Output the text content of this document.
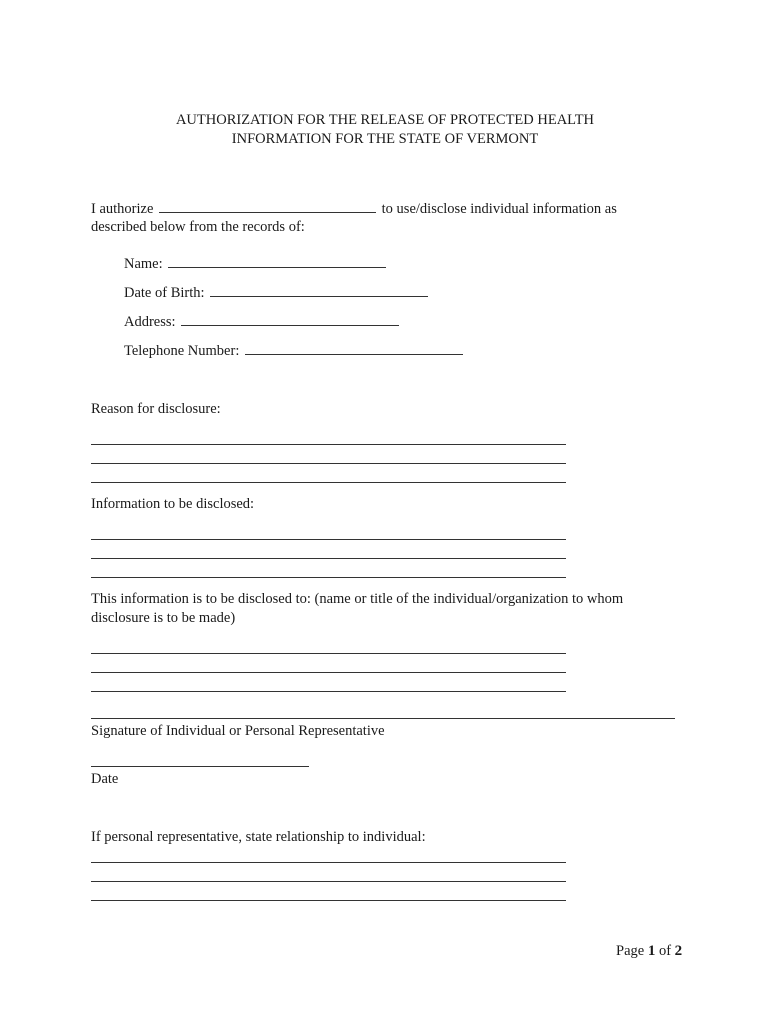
AUTHORIZATION FOR THE RELEASE OF PROTECTED HEALTH
INFORMATION FOR THE STATE OF VERMONT
I authorize	to use/disclose individual information as
described below from the records of:
Name:
Date of Birth:
Address:
Telephone Number:
Reason for disclosure:
Information to be disclosed:
This information is to be disclosed to: (name or title of the individual/organization to whom
disclosure is to be made)
Signature of Individual or Personal Representative
Date
If personal representative, state relationship to individual:
Page 1 of 2
